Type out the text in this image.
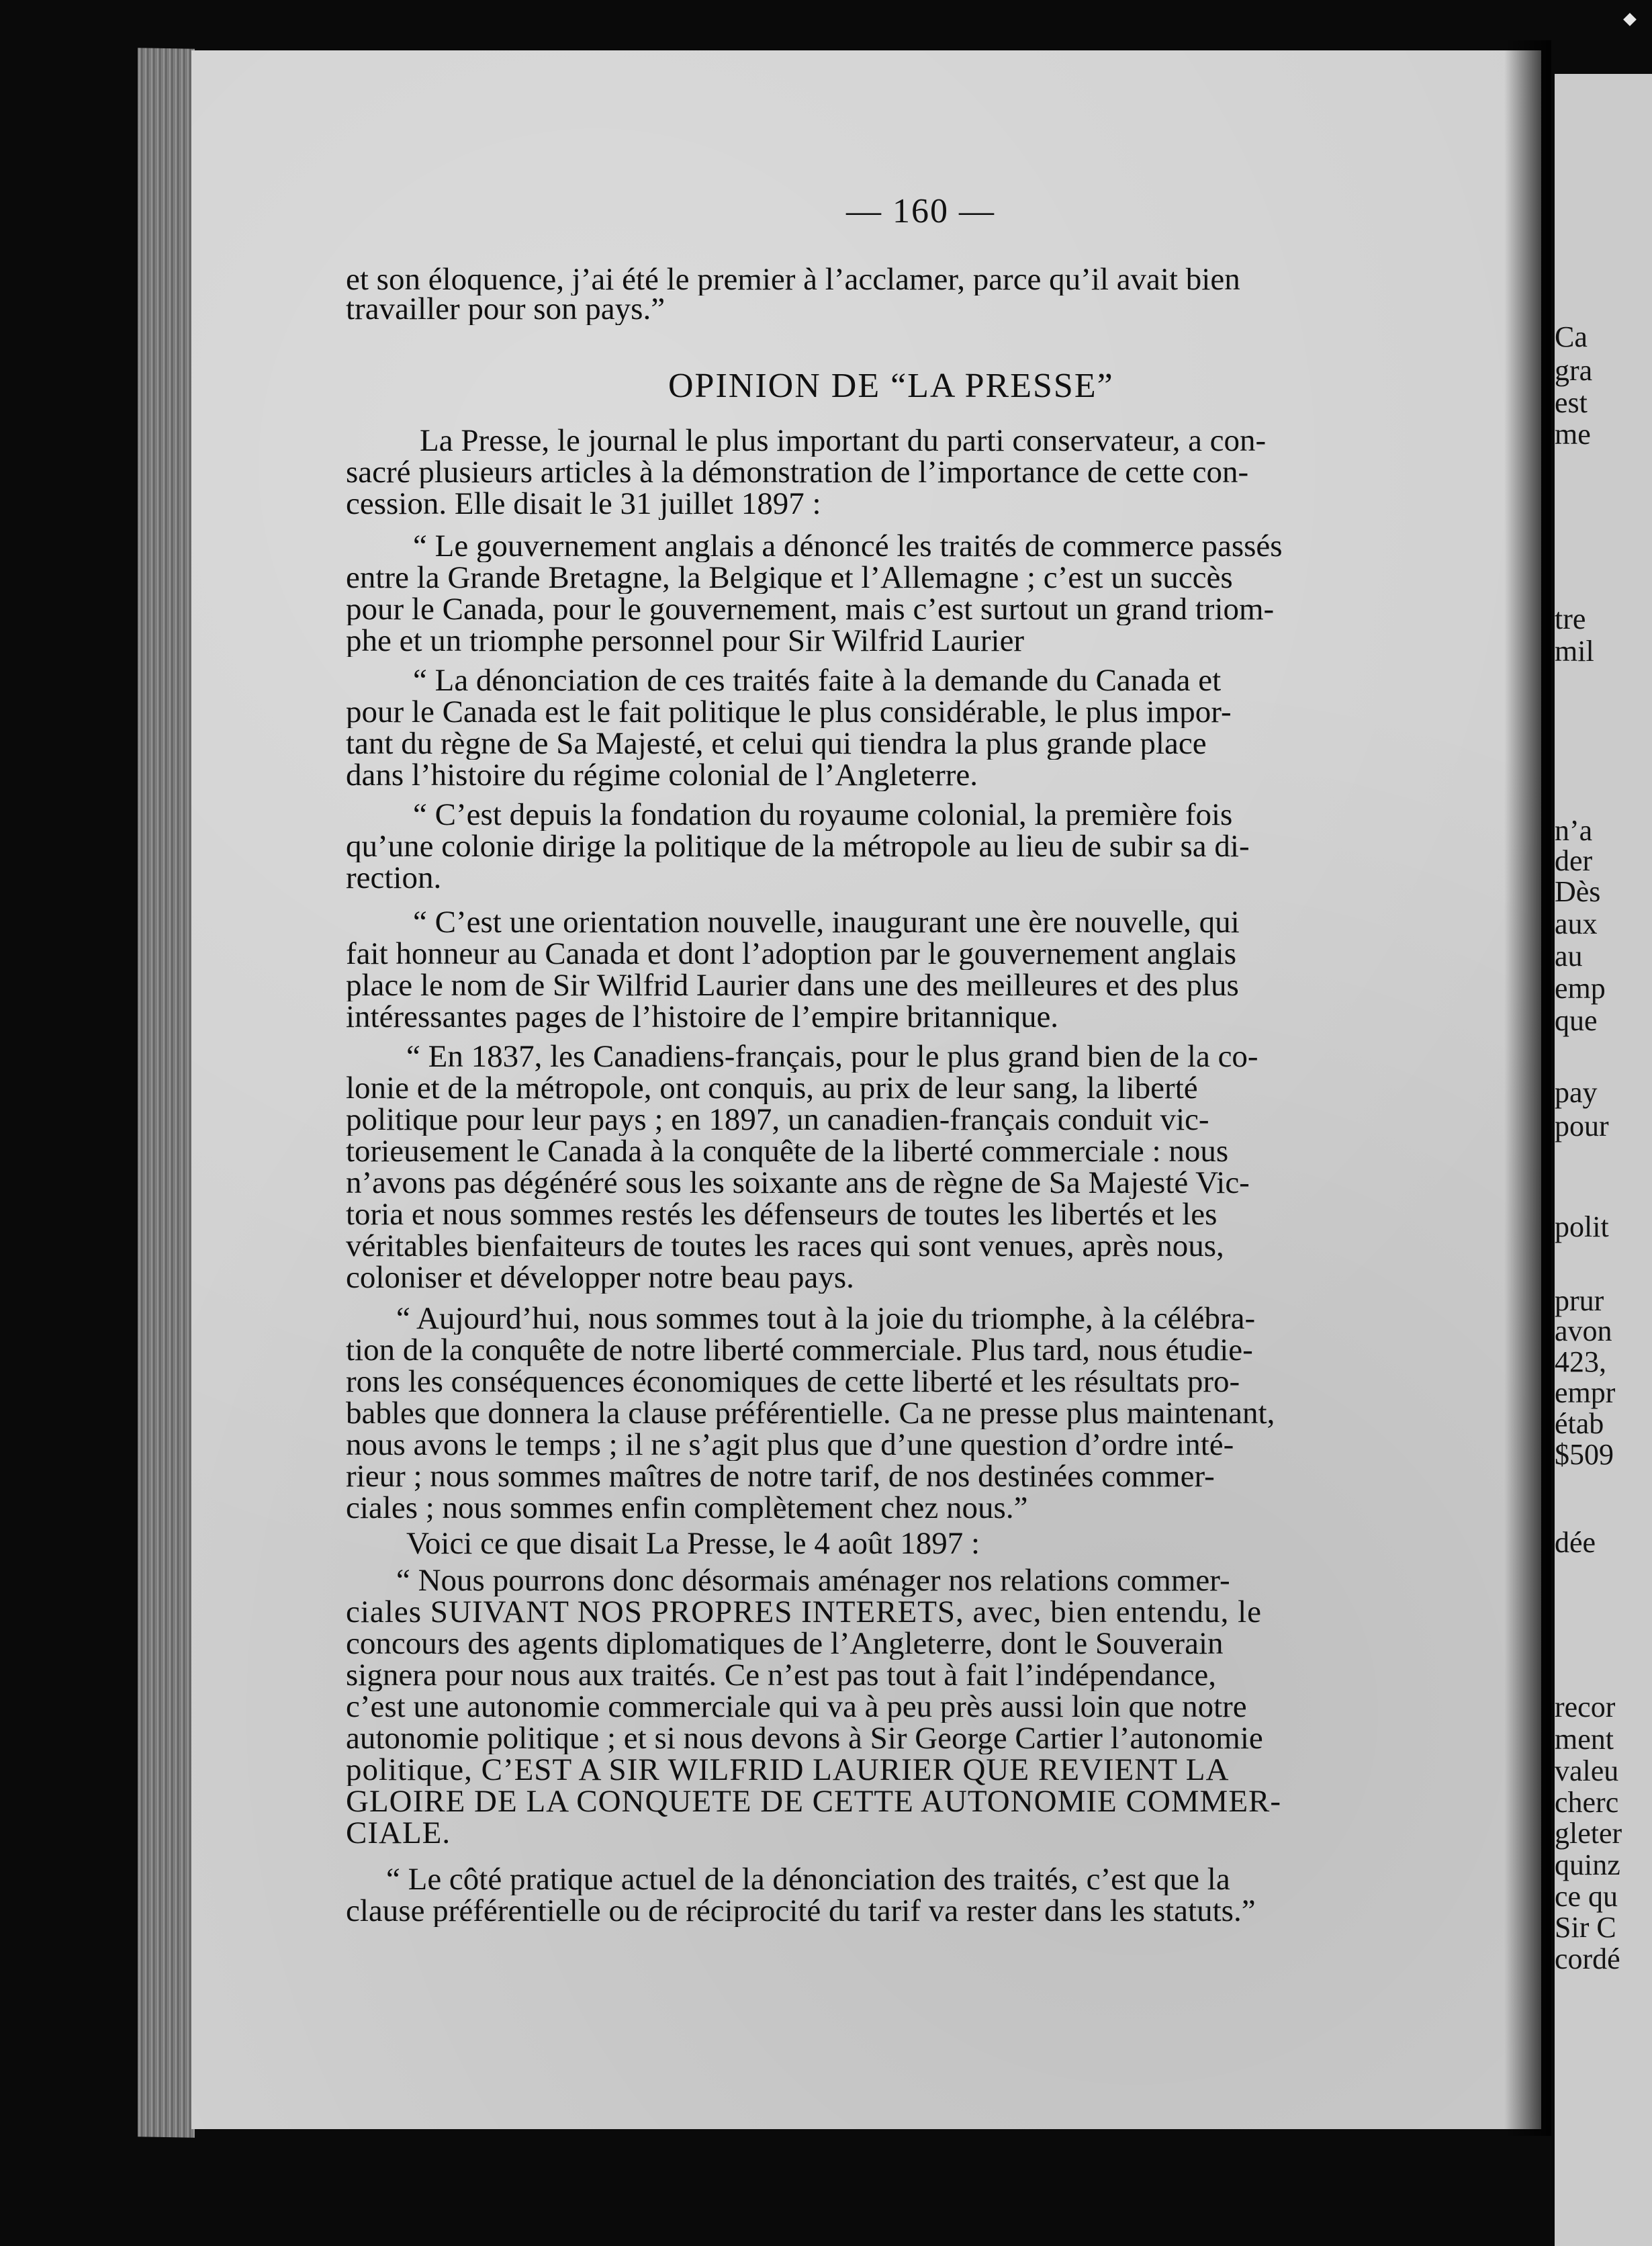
— 160 —
et son éloquence, j’ai été le premier à l’acclamer, parce qu’il avait bien
travailler pour son pays.”
OPINION DE “LA PRESSE”
La Presse, le journal le plus important du parti conservateur, a con-
sacré plusieurs articles à la démonstration de l’importance de cette con-
cession. Elle disait le 31 juillet 1897 :
“ Le gouvernement anglais a dénoncé les traités de commerce passés
entre la Grande Bretagne, la Belgique et l’Allemagne ; c’est un succès
pour le Canada, pour le gouvernement, mais c’est surtout un grand triom-
phe et un triomphe personnel pour Sir Wilfrid Laurier
“ La dénonciation de ces traités faite à la demande du Canada et
pour le Canada est le fait politique le plus considérable, le plus impor-
tant du règne de Sa Majesté, et celui qui tiendra la plus grande place
dans l’histoire du régime colonial de l’Angleterre.
“ C’est depuis la fondation du royaume colonial, la première fois
qu’une colonie dirige la politique de la métropole au lieu de subir sa di-
rection.
“ C’est une orientation nouvelle, inaugurant une ère nouvelle, qui
fait honneur au Canada et dont l’adoption par le gouvernement anglais
place le nom de Sir Wilfrid Laurier dans une des meilleures et des plus
intéressantes pages de l’histoire de l’empire britannique.
“ En 1837, les Canadiens-français, pour le plus grand bien de la co-
lonie et de la métropole, ont conquis, au prix de leur sang, la liberté
politique pour leur pays ; en 1897, un canadien-français conduit vic-
torieusement le Canada à la conquête de la liberté commerciale : nous
n’avons pas dégénéré sous les soixante ans de règne de Sa Majesté Vic-
toria et nous sommes restés les défenseurs de toutes les libertés et les
véritables bienfaiteurs de toutes les races qui sont venues, après nous,
coloniser et développer notre beau pays.
“ Aujourd’hui, nous sommes tout à la joie du triomphe, à la célébra-
tion de la conquête de notre liberté commerciale. Plus tard, nous étudie-
rons les conséquences économiques de cette liberté et les résultats pro-
bables que donnera la clause préférentielle. Ca ne presse plus maintenant,
nous avons le temps ; il ne s’agit plus que d’une question d’ordre inté-
rieur ; nous sommes maîtres de notre tarif, de nos destinées commer-
ciales ; nous sommes enfin complètement chez nous.”
Voici ce que disait La Presse, le 4 août 1897 :
“ Nous pourrons donc désormais aménager nos relations commer-
ciales SUIVANT NOS PROPRES INTERETS, avec, bien entendu, le
concours des agents diplomatiques de l’Angleterre, dont le Souverain
signera pour nous aux traités. Ce n’est pas tout à fait l’indépendance,
c’est une autonomie commerciale qui va à peu près aussi loin que notre
autonomie politique ; et si nous devons à Sir George Cartier l’autonomie
politique, C’EST A SIR WILFRID LAURIER QUE REVIENT LA
GLOIRE DE LA CONQUETE DE CETTE AUTONOMIE COMMER-
CIALE.
“ Le côté pratique actuel de la dénonciation des traités, c’est que la
clause préférentielle ou de réciprocité du tarif va rester dans les statuts.”
Ca
gra
est
me
tre
mil
n’a
der
Dès
aux
au
emp
que
pay
pour
polit
prur
avon
423,
empr
étab
$509
dée
recor
ment
valeu
cherc
gleter
quinz
ce qu
Sir C
cordé
